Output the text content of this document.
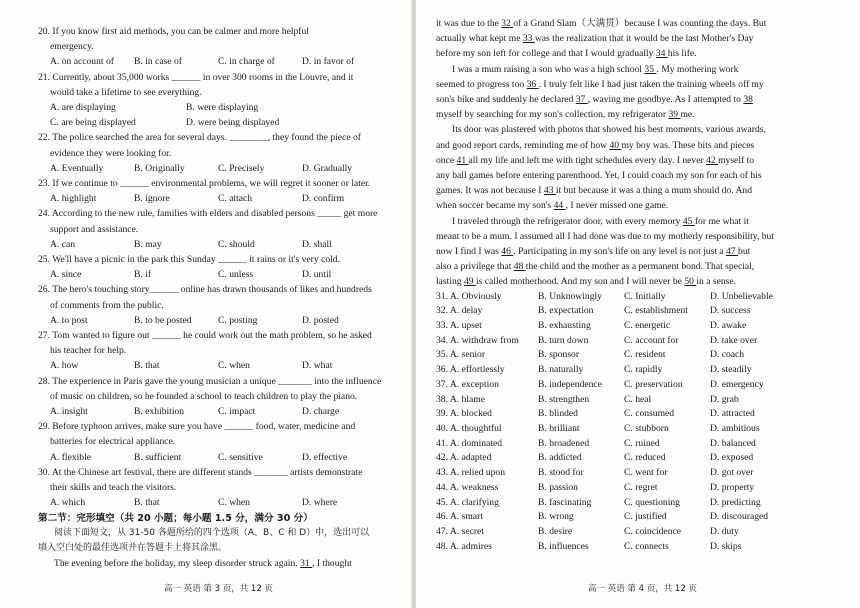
20. If you know first aid methods, you can be calmer and more helpful
emergency.
A. on account of	B. in case of	C. in charge of	D. in favor of
21. Currently, about 35,000 works ______ in over 300 rooms in the Louvre, and it
would take a lifetime to see everything.
A. are displaying	B. were displaying
C. are being displayed	D. were being displayed
22. The police searched the area for several days. ________, they found the piece of
evidence they were looking for.
A. Eventually	B. Originally	C. Precisely	D. Gradually
23. If we continue to ______ environmental problems, we will regret it sooner or later.
A. highlight	B. ignore	C. attach	D. confirm
24. According to the new rule, families with elders and disabled persons _____ get more
support and assistance.
A. can	B. may	C. should	D. shall
25. We'll have a picnic in the park this Sunday ______ it rains or it's very cold.
A. since	B. if	C. unless	D. until
26. The hero's touching story______ online has drawn thousands of likes and hundreds
of comments from the public.
A. to post	B. to be posted	C. posting	D. posted
27. Tom wanted to figure out ______ he could work out the math problem, so he asked
his teacher for help.
A. how	B. that	C. when	D. what
28. The experience in Paris gave the young musician a unique _______ into the influence
of music on children, so he founded a school to teach children to play the piano.
A. insight	B. exhibition	C. impact	D. charge
29. Before typhoon arrives, make sure you have ______ food, water, medicine and
batteries for electrical appliance.
A. flexible	B. sufficient	C. sensitive	D. effective
30. At the Chinese art festival, there are different stands _______ artists demonstrate
their skills and teach the visitors.
A. which	B. that	C. when	D. where
第二节：完形填空（共 20 小题；每小题 1.5 分，满分 30 分）
阅读下面短文，从 31-50 各题所给的四个选项（A、B、C 和 D）中，选出可以
填入空白处的最佳选项并在答题卡上将其涂黑。
The evening before the holiday, my sleep disorder struck again. 31 , I thought
高一 英语 第 3 页，共 12 页
it was due to the 32 of a Grand Slam（大满贯）because I was counting the days. But
actually what kept me 33 was the realization that it would be the last Mother's Day
before my son left for college and that I would gradually 34 his life.
I was a mum raising a son who was a high school 35 . My mothering work
seemed to progress too 36 . I truly felt like I had just taken the training wheels off my
son's bike and suddenly he declared 37 , waving me goodbye. As I attempted to 38
myself by searching for my son's collection, my refrigerator 39 me.
Its door was plastered with photos that showed his best moments, various awards,
and good report cards, reminding me of how 40 my boy was. These bits and pieces
once 41 all my life and left me with tight schedules every day. I never 42 myself to
any ball games before entering parenthood. Yet, I could coach my son for each of his
games. It was not because I 43 it but because it was a thing a mum should do. And
when soccer became my son's 44 , I never missed one game.
I traveled through the refrigerator door, with every memory 45 for me what it
meant to be a mum. I assumed all I had done was due to my motherly responsibility, but
now I find I was 46 . Participating in my son's life on any level is not just a 47 but
also a privilege that 48 the child and the mother as a permanent bond. That special,
lasting 49 is called motherhood. And my son and I will never be 50 in a sense.
31. A. Obviously	B. Unknowingly	C. Initially	D. Unbelievable
32. A. delay	B. expectation	C. establishment	D. success
33. A. upset	B. exhausting	C. energetic	D. awake
34. A. withdraw from	B. turn down	C. account for	D. take over
35. A. senior	B. sponsor	C. resident	D. coach
36. A. effortlessly	B. naturally	C. rapidly	D. steadily
37. A. exception	B. independence	C. preservation	D. emergency
38. A. blame	B. strengthen	C. heal	D. grab
39. A. blocked	B. blinded	C. consumed	D. attracted
40. A. thoughtful	B. brilliant	C. stubborn	D. ambitious
41. A. dominated	B. broadened	C. ruined	D. balanced
42. A. adapted	B. addicted	C. reduced	D. exposed
43. A. relied upon	B. stood for	C. went for	D. got over
44. A. weakness	B. passion	C. regret	D. property
45. A. clarifying	B. fascinating	C. questioning	D. predicting
46. A. smart	B. wrong	C. justified	D. discouraged
47. A. secret	B. desire	C. coincidence	D. duty
48. A. admires	B. influences	C. connects	D. skips
高一 英语 第 4 页，共 12 页
